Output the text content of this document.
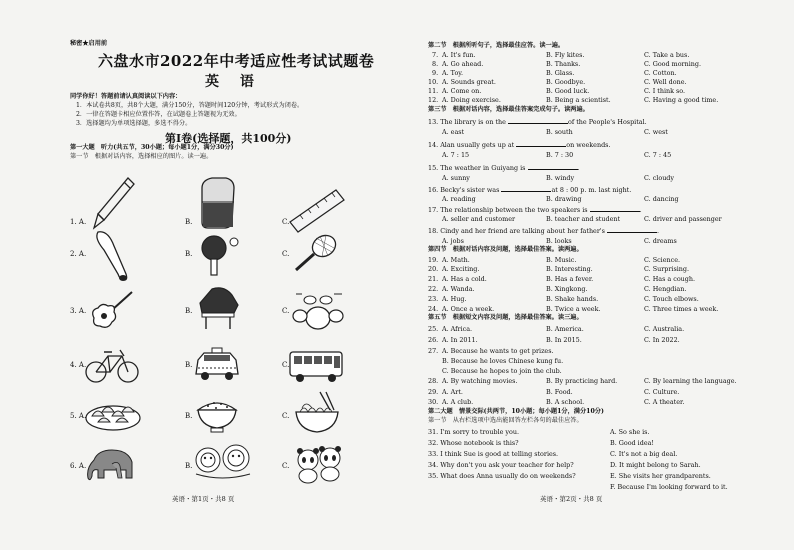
秘密★启用前
六盘水市2022年中考适应性考试试题卷
英 语
同学你好！答题前请认真阅读以下内容：
1．本试卷共8页，共8个大题，满分150分，答题时间120分钟，考试形式为闭卷。
2．一律在答题卡相应位置作答，在试题卷上答题视为无效。
3．选择题均为单项选择题，多选不得分。
第Ⅰ卷(选择题，共100分)
第一大题　听力(共五节，30小题；每小题1分，满分30分)
第一节　根据对话内容，选择相应的图片。读一遍。
1. A.	B.	C.
2. A.	B.	C.
3. A.	B.	C.
4. A.	B.	C.
5. A.	B.	C.
6. A.	B.	C.
英语・第1页・共8 页
第二节　根据所听句子，选择最佳应答。读一遍。
7. A. It's fun.	B. Fly kites.	C. Take a bus.
8. A. Go ahead.	B. Thanks.	C. Good morning.
9. A. Toy.	B. Glass.	C. Cotton.
10. A. Sounds great.	B. Goodbye.	C. Well done.
11. A. Come on.	B. Good luck.	C. I think so.
12. A. Doing exercise.	B. Being a scientist.	C. Having a good time.
第三节　根据对话内容，选择最佳答案完成句子。读两遍。
13. The library is on the	of the People's Hospital.
A. east	B. south	C. west
14. Alan usually gets up at	on weekends.
A. 7 : 15	B. 7 : 30	C. 7 : 45
15. The weather in Guiyang is	.
A. sunny	B. windy	C. cloudy
16. Becky's sister was	at 8 : 00 p. m. last night.
A. reading	B. drawing	C. dancing
17. The relationship between the two speakers is	.
A. seller and customer	B. teacher and student	C. driver and passenger
18. Cindy and her friend are talking about her father's	.
A. jobs	B. looks	C. dreams
第四节　根据对话内容及问题，选择最佳答案。读两遍。
19. A. Math.	B. Music.	C. Science.
20. A. Exciting.	B. Interesting.	C. Surprising.
21. A. Has a cold.	B. Has a fever.	C. Has a cough.
22. A. Wanda.	B. Xingkong.	C. Hengdian.
23. A. Hug.	B. Shake hands.	C. Touch elbows.
24. A. Once a week.	B. Twice a week.	C. Three times a week.
第五节　根据短文内容及问题，选择最佳答案。读三遍。
25. A. Africa.	B. America.	C. Australia.
26. A. In 2011.	B. In 2015.	C. In 2022.
27. A. Because he wants to get prizes.
B. Because he loves Chinese kung fu.
C. Because he hopes to join the club.
28. A. By watching movies.	B. By practicing hard.	C. By learning the language.
29. A. Art.	B. Food.	C. Culture.
30. A. A club.	B. A school.	C. A theater.
第二大题　情景交际(共两节，10小题；每小题1分，满分10分)
第一节　从右栏选项中选出能回答左栏各句的最佳应答。
31. I'm sorry to trouble you.	A. So she is.
32. Whose notebook is this?	B. Good idea!
33. I think Sue is good at telling stories.	C. It's not a big deal.
34. Why don't you ask your teacher for help?	D. It might belong to Sarah.
35. What does Anna usually do on weekends?	E. She visits her grandparents.
F. Because I'm looking forward to it.
英语・第2页・共8 页
